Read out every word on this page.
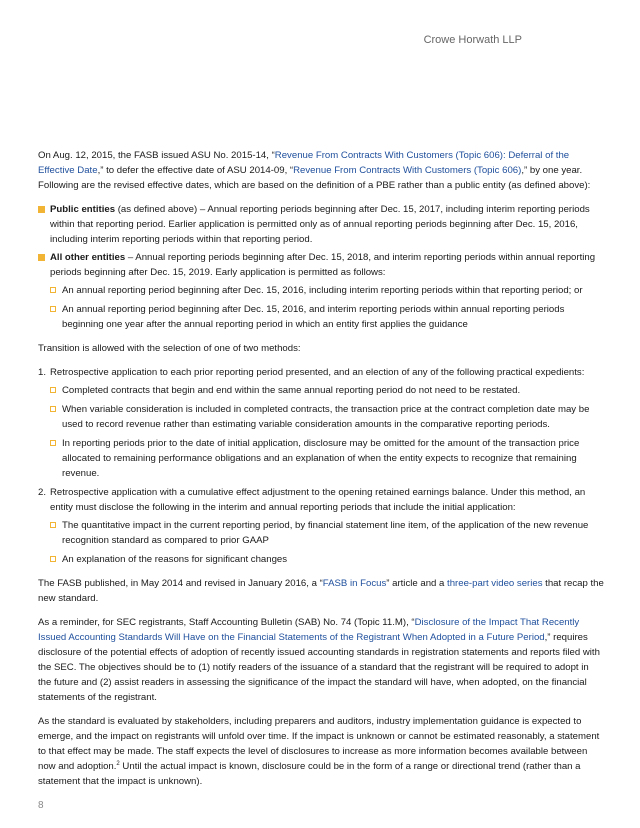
Crowe Horwath LLP

On Aug. 12, 2015, the FASB issued ASU No. 2015-14, “Revenue From Contracts With Customers (Topic 606): Deferral of the Effective Date,” to defer the effective date of ASU 2014-09, “Revenue From Contracts With Customers (Topic 606),” by one year. Following are the revised effective dates, which are based on the definition of a PBE rather than a public entity (as defined above):

Public entities (as defined above) – Annual reporting periods beginning after Dec. 15, 2017, including interim reporting periods within that reporting period. Earlier application is permitted only as of annual reporting periods beginning after Dec. 15, 2016, including interim reporting periods within that reporting period.
All other entities – Annual reporting periods beginning after Dec. 15, 2018, and interim reporting periods within annual reporting periods beginning after Dec. 15, 2019. Early application is permitted as follows:
An annual reporting period beginning after Dec. 15, 2016, including interim reporting periods within that reporting period; or
An annual reporting period beginning after Dec. 15, 2016, and interim reporting periods within annual reporting periods beginning one year after the annual reporting period in which an entity first applies the guidance

Transition is allowed with the selection of one of two methods:

1. Retrospective application to each prior reporting period presented, and an election of any of the following practical expedients:
Completed contracts that begin and end within the same annual reporting period do not need to be restated.
When variable consideration is included in completed contracts, the transaction price at the contract completion date may be used to record revenue rather than estimating variable consideration amounts in the comparative reporting periods.
In reporting periods prior to the date of initial application, disclosure may be omitted for the amount of the transaction price allocated to remaining performance obligations and an explanation of when the entity expects to recognize that remaining revenue.
2. Retrospective application with a cumulative effect adjustment to the opening retained earnings balance. Under this method, an entity must disclose the following in the interim and annual reporting periods that include the initial application:
The quantitative impact in the current reporting period, by financial statement line item, of the application of the new revenue recognition standard as compared to prior GAAP
An explanation of the reasons for significant changes

The FASB published, in May 2014 and revised in January 2016, a “FASB in Focus” article and a three-part video series that recap the new standard.

As a reminder, for SEC registrants, Staff Accounting Bulletin (SAB) No. 74 (Topic 11.M), “Disclosure of the Impact That Recently Issued Accounting Standards Will Have on the Financial Statements of the Registrant When Adopted in a Future Period,” requires disclosure of the potential effects of adoption of recently issued accounting standards in registration statements and reports filed with the SEC. The objectives should be to (1) notify readers of the issuance of a standard that the registrant will be required to adopt in the future and (2) assist readers in assessing the significance of the impact the standard will have, when adopted, on the financial statements of the registrant.

As the standard is evaluated by stakeholders, including preparers and auditors, industry implementation guidance is expected to emerge, and the impact on registrants will unfold over time. If the impact is unknown or cannot be estimated reasonably, a statement to that effect may be made. The staff expects the level of disclosures to increase as more information becomes available between now and adoption.$^2$ Until the actual impact is known, disclosure could be in the form of a range or directional trend (rather than a statement that the impact is unknown).

8
